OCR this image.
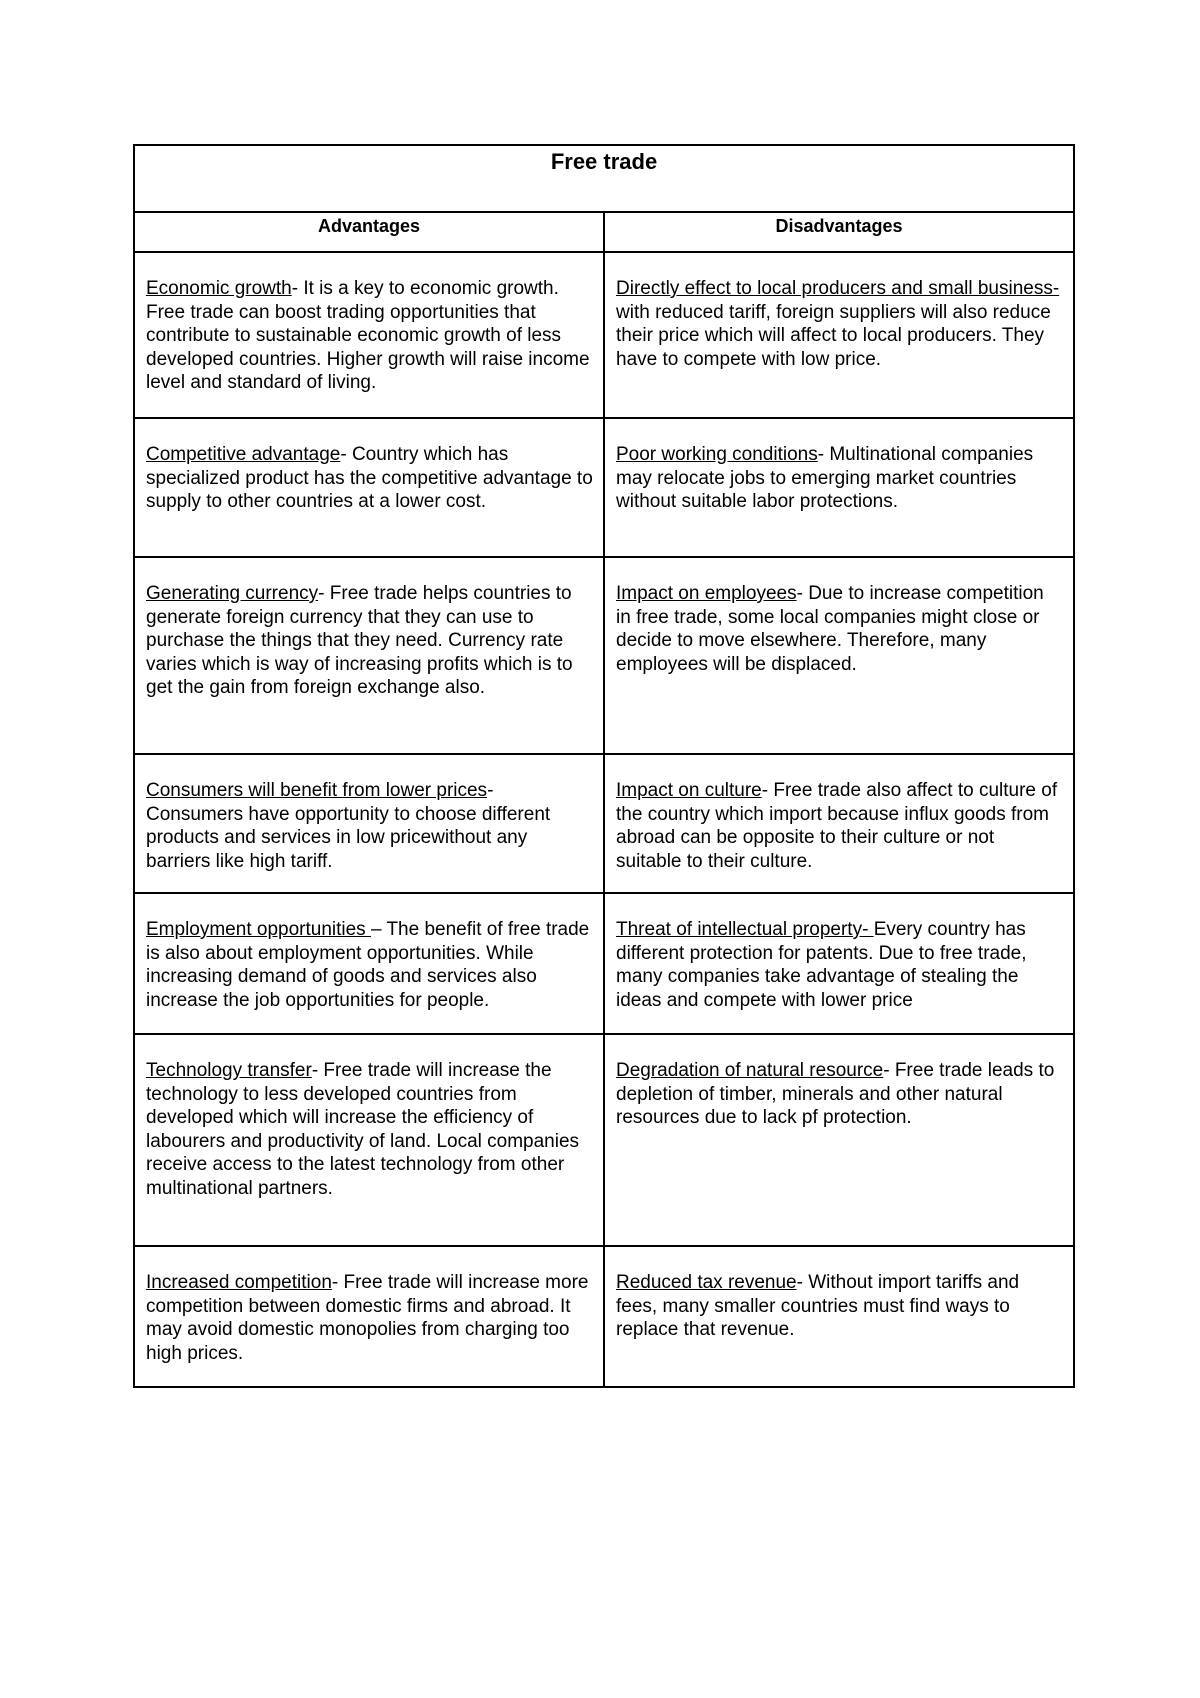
Free trade	
Advantages	Disadvantages
Economic growth- It is a key to economic growth. Free trade can boost trading opportunities that contribute to sustainable economic growth of less developed countries. Higher growth will raise income level and standard of living.	Directly effect to local producers and small business- with reduced tariff, foreign suppliers will also reduce their price which will affect to local producers. They have to compete with low price.
Competitive advantage- Country which has specialized product has the competitive advantage to supply to other countries at a lower cost.	Poor working conditions- Multinational companies may relocate jobs to emerging market countries without suitable labor protections.
Generating currency- Free trade helps countries to generate foreign currency that they can use to purchase the things that they need. Currency rate varies which is way of increasing profits which is to get the gain from foreign exchange also.	Impact on employees- Due to increase competition in free trade, some local companies might close or decide to move elsewhere. Therefore, many employees will be displaced.
Consumers will benefit from lower prices- Consumers have opportunity to choose different products and services in low pricewithout any barriers like high tariff.	Impact on culture- Free trade also affect to culture of the country which import because influx goods from abroad can be opposite to their culture or not suitable to their culture.
Employment opportunities – The benefit of free trade is also about employment opportunities. While increasing demand of goods and services also increase the job opportunities for people.	Threat of intellectual property- Every country has different protection for patents. Due to free trade, many companies take advantage of stealing the ideas and compete with lower price
Technology transfer- Free trade will increase the technology to less developed countries from developed which will increase the efficiency of labourers and productivity of land. Local companies receive access to the latest technology from other multinational partners.	Degradation of natural resource- Free trade leads to depletion of timber, minerals and other natural resources due to lack pf protection.
Increased competition- Free trade will increase more competition between domestic firms and abroad. It may avoid domestic monopolies from charging too high prices.	Reduced tax revenue- Without import tariffs and fees, many smaller countries must find ways to replace that revenue.
